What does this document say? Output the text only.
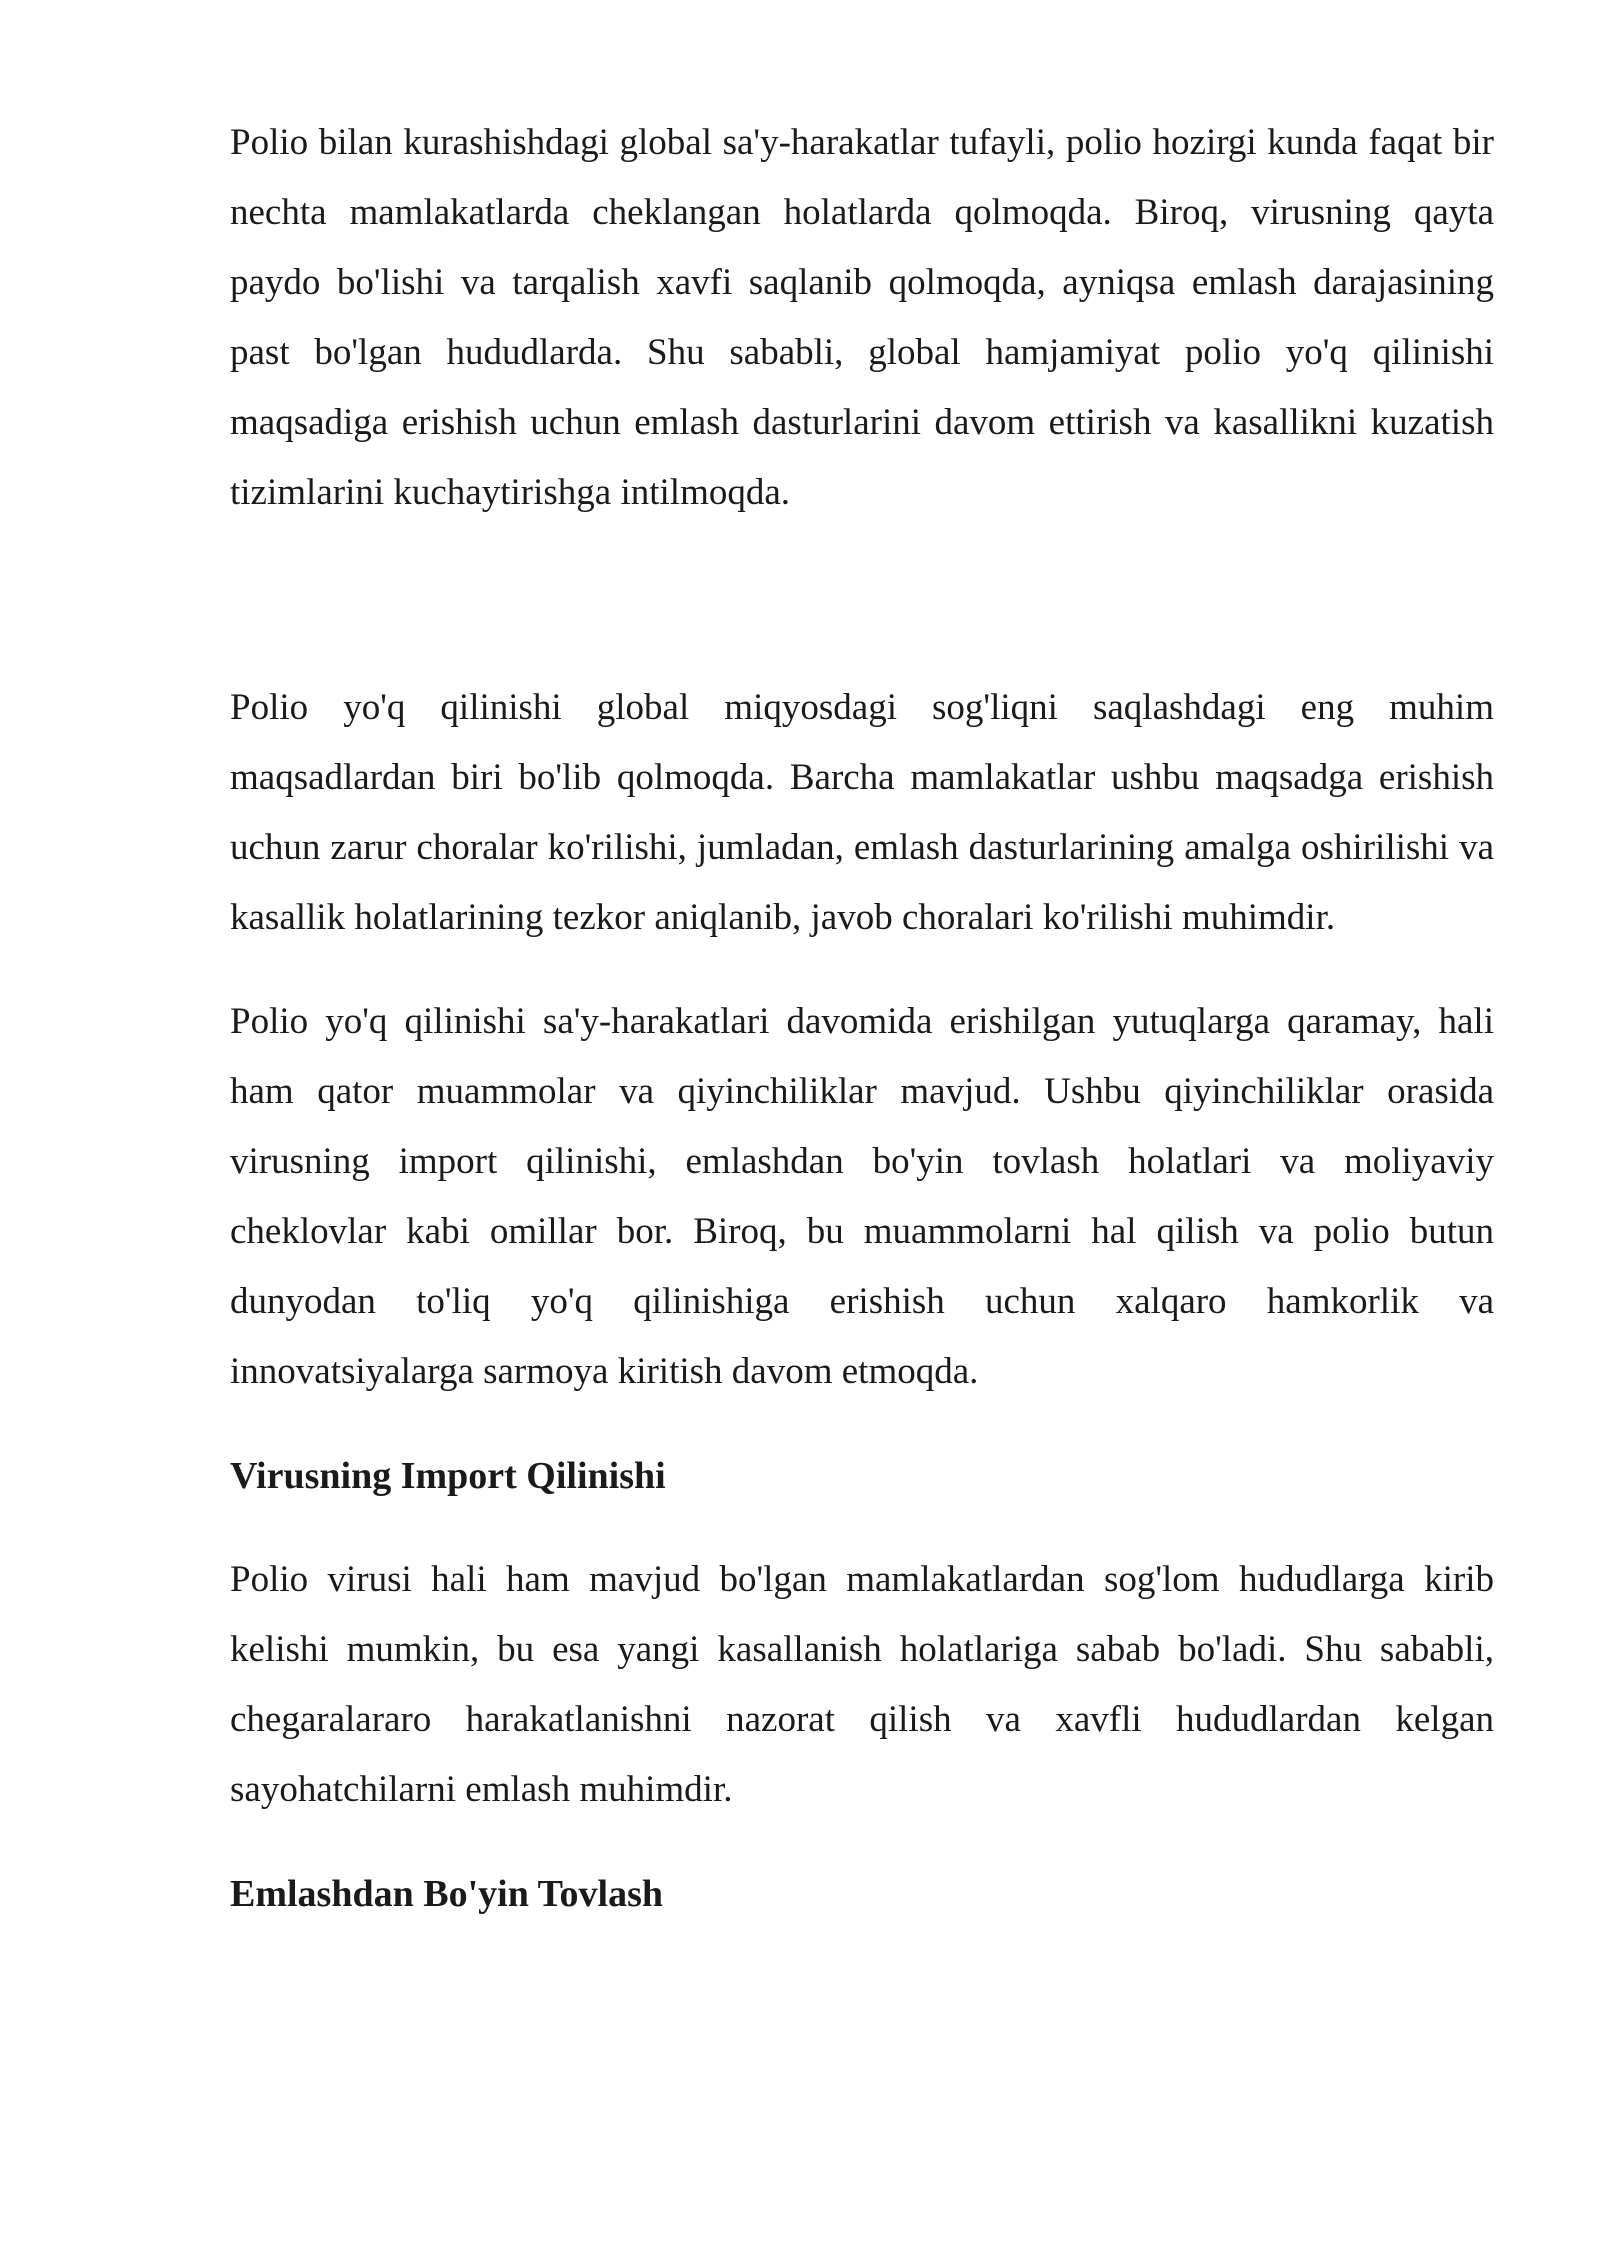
Polio bilan kurashishdagi global sa'y-harakatlar tufayli, polio hozirgi kunda faqat bir nechta mamlakatlarda cheklangan holatlarda qolmoqda. Biroq, virusning qayta paydo bo'lishi va tarqalish xavfi saqlanib qolmoqda, ayniqsa emlash darajasining past bo'lgan hududlarda. Shu sababli, global hamjamiyat polio yo'q qilinishi maqsadiga erishish uchun emlash dasturlarini davom ettirish va kasallikni kuzatish tizimlarini kuchaytirishga intilmoqda.

Polio yo'q qilinishi global miqyosdagi sog'liqni saqlashdagi eng muhim maqsadlardan biri bo'lib qolmoqda. Barcha mamlakatlar ushbu maqsadga erishish uchun zarur choralar ko'rilishi, jumladan, emlash dasturlarining amalga oshirilishi va kasallik holatlarining tezkor aniqlanib, javob choralari ko'rilishi muhimdir.

Polio yo'q qilinishi sa'y-harakatlari davomida erishilgan yutuqlarga qaramay, hali ham qator muammolar va qiyinchiliklar mavjud. Ushbu qiyinchiliklar orasida virusning import qilinishi, emlashdan bo'yin tovlash holatlari va moliyaviy cheklovlar kabi omillar bor. Biroq, bu muammolarni hal qilish va polio butun dunyodan to'liq yo'q qilinishiga erishish uchun xalqaro hamkorlik va innovatsiyalarga sarmoya kiritish davom etmoqda.

Virusning Import Qilinishi

Polio virusi hali ham mavjud bo'lgan mamlakatlardan sog'lom hududlarga kirib kelishi mumkin, bu esa yangi kasallanish holatlariga sabab bo'ladi. Shu sababli, chegaralararo harakatlanishni nazorat qilish va xavfli hududlardan kelgan sayohatchilarni emlash muhimdir.

Emlashdan Bo'yin Tovlash
